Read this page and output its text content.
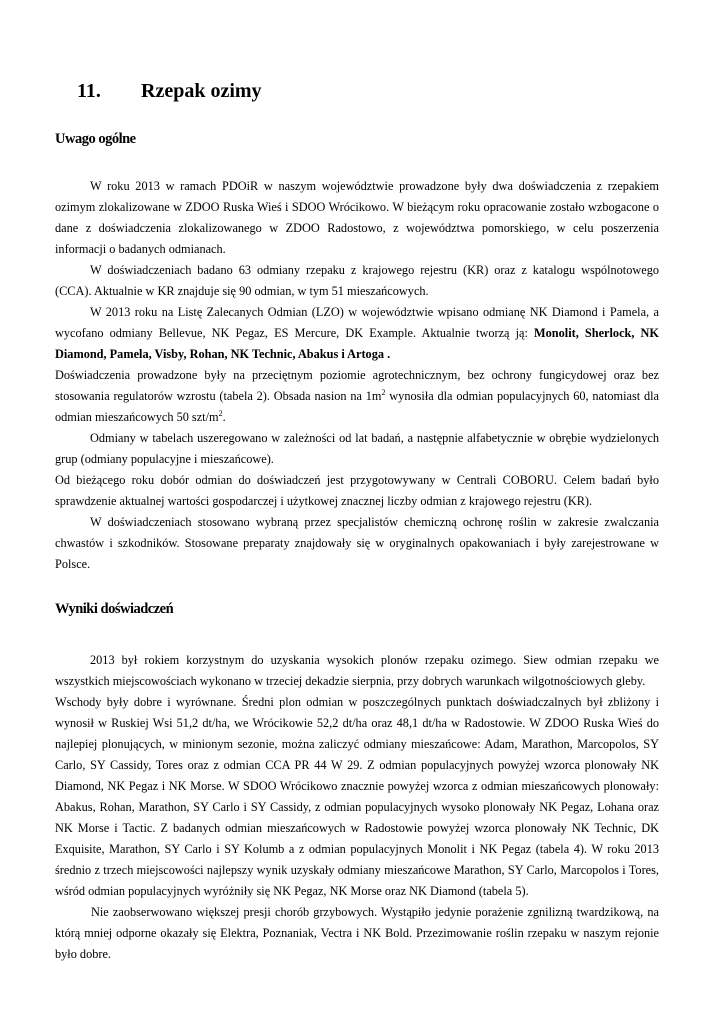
11. Rzepak ozimy
Uwago ogólne

W roku 2013 w ramach PDOiR w naszym województwie prowadzone były dwa doświadczenia z rzepakiem ozimym zlokalizowane w ZDOO Ruska Wieś i SDOO Wrócikowo. W bieżącym roku opracowanie zostało wzbogacone o dane z doświadczenia zlokalizowanego w ZDOO Radostowo, z województwa pomorskiego, w celu poszerzenia informacji o badanych odmianach.

W doświadczeniach badano 63 odmiany rzepaku z krajowego rejestru (KR) oraz z katalogu wspólnotowego (CCA). Aktualnie w KR znajduje się 90 odmian, w tym 51 mieszańcowych.

W 2013 roku na Listę Zalecanych Odmian (LZO) w województwie wpisano odmianę NK Diamond i Pamela, a wycofano odmiany Bellevue, NK Pegaz, ES Mercure, DK Example. Aktualnie tworzą ją: Monolit, Sherlock, NK Diamond, Pamela, Visby, Rohan, NK Technic, Abakus i Artoga .

Doświadczenia prowadzone były na przeciętnym poziomie agrotechnicznym, bez ochrony fungicydowej oraz bez stosowania regulatorów wzrostu (tabela 2). Obsada nasion na $1m^2$ wynosiła dla odmian populacyjnych 60, natomiast dla odmian mieszańcowych 50 szt/$m^2$.

Odmiany w tabelach uszeregowano w zależności od lat badań, a następnie alfabetycznie w obrębie wydzielonych grup (odmiany populacyjne i mieszańcowe).

Od bieżącego roku dobór odmian do doświadczeń jest przygotowywany w Centrali COBORU. Celem badań było sprawdzenie aktualnej wartości gospodarczej i użytkowej znacznej liczby odmian z krajowego rejestru (KR).

W doświadczeniach stosowano wybraną przez specjalistów chemiczną ochronę roślin w zakresie zwalczania chwastów i szkodników. Stosowane preparaty znajdowały się w oryginalnych opakowaniach i były zarejestrowane w Polsce.

Wyniki doświadczeń

2013 był rokiem korzystnym do uzyskania wysokich plonów rzepaku ozimego. Siew odmian rzepaku we wszystkich miejscowościach wykonano w trzeciej dekadzie sierpnia, przy dobrych warunkach wilgotnościowych gleby.

Wschody były dobre i wyrównane. Średni plon odmian w poszczególnych punktach doświadczalnych był zbliżony i wynosił w Ruskiej Wsi 51,2 dt/ha, we Wrócikowie 52,2 dt/ha oraz 48,1 dt/ha w Radostowie. W ZDOO Ruska Wieś do najlepiej plonujących, w minionym sezonie, można zaliczyć odmiany mieszańcowe: Adam, Marathon, Marcopolos, SY Carlo, SY Cassidy, Tores oraz z odmian CCA PR 44 W 29. Z odmian populacyjnych powyżej wzorca plonowały NK Diamond, NK Pegaz i NK Morse. W SDOO Wrócikowo znacznie powyżej wzorca z odmian mieszańcowych plonowały: Abakus, Rohan, Marathon, SY Carlo i SY Cassidy, z odmian populacyjnych wysoko plonowały NK Pegaz, Lohana oraz NK Morse i Tactic. Z badanych odmian mieszańcowych w Radostowie powyżej wzorca plonowały NK Technic, DK Exquisite, Marathon, SY Carlo i SY Kolumb a z odmian populacyjnych Monolit i NK Pegaz (tabela 4). W roku 2013 średnio z trzech miejscowości najlepszy wynik uzyskały odmiany mieszańcowe Marathon, SY Carlo, Marcopolos i Tores, wśród odmian populacyjnych wyróżniły się NK Pegaz, NK Morse oraz NK Diamond (tabela 5).

Nie zaobserwowano większej presji chorób grzybowych. Wystąpiło jedynie porażenie zgnilizną twardzikową, na którą mniej odporne okazały się Elektra, Poznaniak, Vectra i NK Bold. Przezimowanie roślin rzepaku w naszym rejonie było dobre.
